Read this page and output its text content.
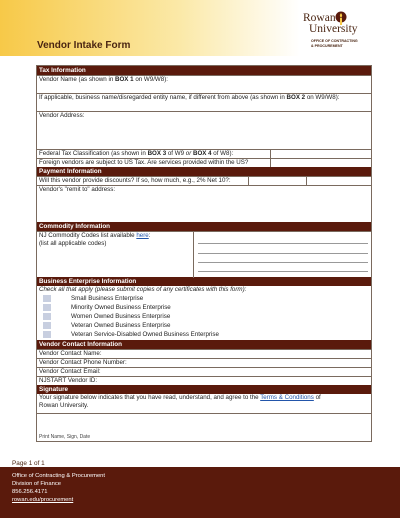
Vendor Intake Form
Rowan
University
OFFICE OF CONTRACTING
& PROCUREMENT
Tax Information
Vendor Name (as shown in BOX 1 on W9/W8):
If applicable, business name/disregarded entity name, if different from above (as shown in BOX 2 on W9/W8):
Vendor Address:
Federal Tax Classification (as shown in BOX 3 of W9 or BOX 4 of W8):
Foreign vendors are subject to US Tax. Are services provided within the US?
Payment Information
Will this vendor provide discounts? If so, how much, e.g., 2% Net 10?:
Vendor's "remit to" address:
Commodity Information
NJ Commodity Codes list available here:
(list all applicable codes)
Business Enterprise Information
Check all that apply (please submit copies of any certificates with this form):
Small Business Enterprise
Minority Owned Business Enterprise
Women Owned Business Enterprise
Veteran Owned Business Enterprise
Veteran Service-Disabled Owned Business Enterprise
Vendor Contact Information
Vendor Contact Name:
Vendor Contact Phone Number:
Vendor Contact Email:
NJSTART Vendor ID:
Signature
Your signature below indicates that you have read, understand, and agree to the Terms & Conditions of
Rowan University.
Print Name, Sign, Date
Page 1 of 1
Office of Contracting & Procurement
Division of Finance
856.256.4171
rowan.edu/procurement
